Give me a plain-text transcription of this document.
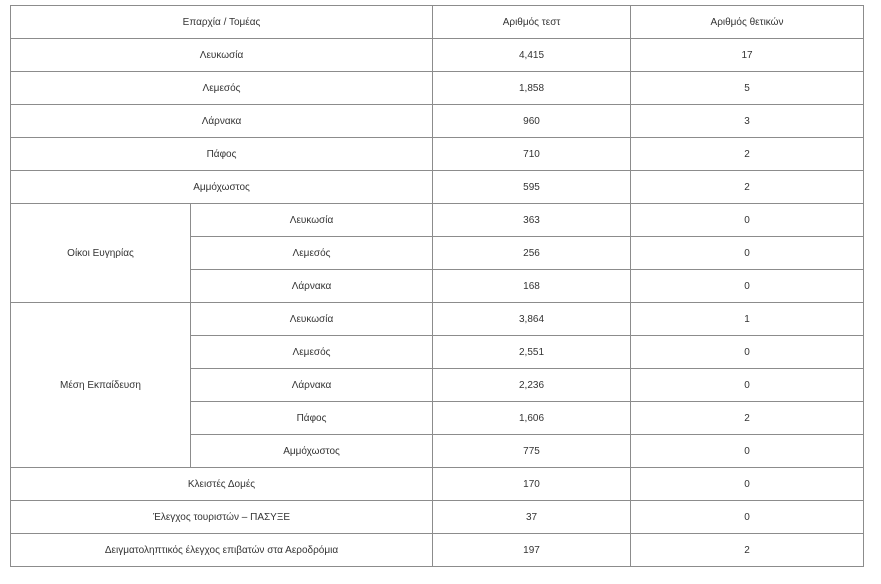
Επαρχία / Τομέας		Αριθμός τεστ	Αριθμός θετικών
Λευκωσία		4,415	17
Λεμεσός		1,858	5
Λάρνακα		960	3
Πάφος		710	2
Αμμόχωστος		595	2
Οίκοι Ευγηρίας	Λευκωσία	363	0
	Λεμεσός	256	0
	Λάρνακα	168	0
Μέση Εκπαίδευση	Λευκωσία	3,864	1
	Λεμεσός	2,551	0
	Λάρνακα	2,236	0
	Πάφος	1,606	2
	Αμμόχωστος	775	0
Κλειστές Δομές		170	0
Έλεγχος τουριστών – ΠΑΣΥΞΕ		37	0
Δειγματοληπτικός έλεγχος επιβατών στα Αεροδρόμια		197	2
